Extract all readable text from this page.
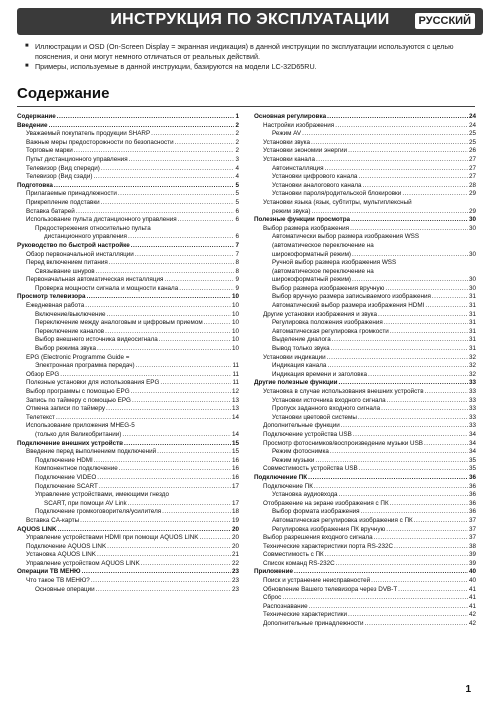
ИНСТРУКЦИЯ ПО ЭКСПЛУАТАЦИИ	РУССКИЙ
■ Иллюстрации и OSD (On-Screen Display = экранная индикация) в данной инструкции по эксплуатации используются с целью пояснения, и они могут немного отличаться от реальных действий.
■ Примеры, используемые в данной инструкции, базируются на модели LC-32D65RU.
Содержание
Содержание .....	1
Введение .....	2
Уважаемый покупатель продукции SHARP .....	2
Важные меры предосторожности по безопасности .....	2
Торговые марки .....	2
Пульт дистанционного управления .....	3
Телевизор (Вид спереди) .....	4
Телевизор (Вид сзади) .....	4
Подготовка .....	5
Прилагаемые принадлежности .....	5
Прикрепление подставки .....	5
Вставка батарей .....	6
Использование пульта дистанционного управления .....	6
Предостережения относительно пульта
дистанционного управления .....	6
Руководство по быстрой настройке .....	7
Обзор первоначальной инсталляции .....	7
Перед включением питания .....	8
Связывание шнуров .....	8
Первоначальная автоматическая инсталляция .....	9
Проверка мощности сигнала и мощности канала .....	9
Просмотр телевизора .....	10
Ежедневная работа .....	10
Включение/выключение .....	10
Переключение между аналоговым и цифровым приемом .....	10
Переключение каналов .....	10
Выбор внешнего источника видеосигнала .....	10
Выбор режима звука .....	10
EPG (Electronic Programme Guide =
Электронная программа передач) .....	11
Обзор EPG .....	11
Полезные установки для использования EPG .....	11
Выбор программы с помощью EPG .....	12
Запись по таймеру с помощью EPG .....	13
Отмена записи по таймеру .....	13
Телетекст .....	14
Использование приложения MHEG-5
(только для Великобритании) .....	14
Подключение внешних устройств .....	15
Введение перед выполнением подключений .....	15
Подключение HDMI .....	16
Компонентное подключение .....	16
Подключение VIDEO .....	16
Подключение SCART .....	17
Управление устройствами, имеющими гнездо
SCART, при помощи AV Link .....	17
Подключение громкоговорителя/усилителя .....	18
Вставка CA-карты .....	19
AQUOS LINK .....	20
Управление устройствами HDMI при помощи AQUOS LINK .....	20
Подключение AQUOS LINK .....	20
Установка AQUOS LINK .....	21
Управление устройством AQUOS LINK .....	22
Операции ТВ МЕНЮ .....	23
Что такое ТВ МЕНЮ? .....	23
Основные операции .....	23
Основная регулировка .....	24
Настройки изображения .....	24
Режим AV .....	25
Установки звука .....	25
Установки экономии энергии .....	26
Установки канала .....	27
Автоинсталляция .....	27
Установки цифрового канала .....	27
Установки аналогового канала .....	28
Установки пароля/родительской блокировки .....	29
Установки языка (язык, субтитры, мультиплексный
режим звука) .....	29
Полезные функции просмотра .....	30
Выбор размера изображения .....	30
Автоматически выбор размера изображения WSS
(автоматическое переключение на
широкоформатный режим) .....	30
Ручной выбор размера изображения WSS
(автоматическое переключение на
широкоформатный режим) .....	30
Выбор размера изображения вручную .....	30
Выбор вручную размера записываемого изображения .....	31
Автоматический выбор размера изображения HDMI .....	31
Другие установки изображения и звука .....	31
Регулировка положения изображения .....	31
Автоматическая регулировка громкости .....	31
Выделение диалога .....	31
Вывод только звука .....	31
Установки индикации .....	32
Индикация канала .....	32
Индикация времени и заголовка .....	32
Другие полезные функции .....	33
Установка в случае использования внешних устройств .....	33
Установки источника входного сигнала .....	33
Пропуск заданного входного сигнала .....	33
Установки цветовой системы .....	33
Дополнительные функции .....	33
Подключение устройства USB .....	34
Просмотр фотоснимков/воспроизведение музыки USB .....	34
Режим фотоснимка .....	34
Режим музыки .....	35
Совместимость устройства USB .....	35
Подключение ПК .....	36
Подключение ПК .....	36
Установка аудиовхода .....	36
Отображение на экране изображения с ПК .....	36
Выбор формата изображения .....	36
Автоматическая регулировка изображения с ПК .....	37
Регулировка изображения ПК вручную .....	37
Выбор разрешения входного сигнала .....	37
Технические характеристики порта RS-232C .....	38
Совместимость с ПК .....	39
Список команд RS-232C .....	39
Приложение .....	40
Поиск и устранение неисправностей .....	40
Обновление Вашего телевизора через DVB-T .....	41
Сброс .....	41
Распознавание .....	41
Технические характеристики .....	42
Дополнительные принадлежности .....	42
1
